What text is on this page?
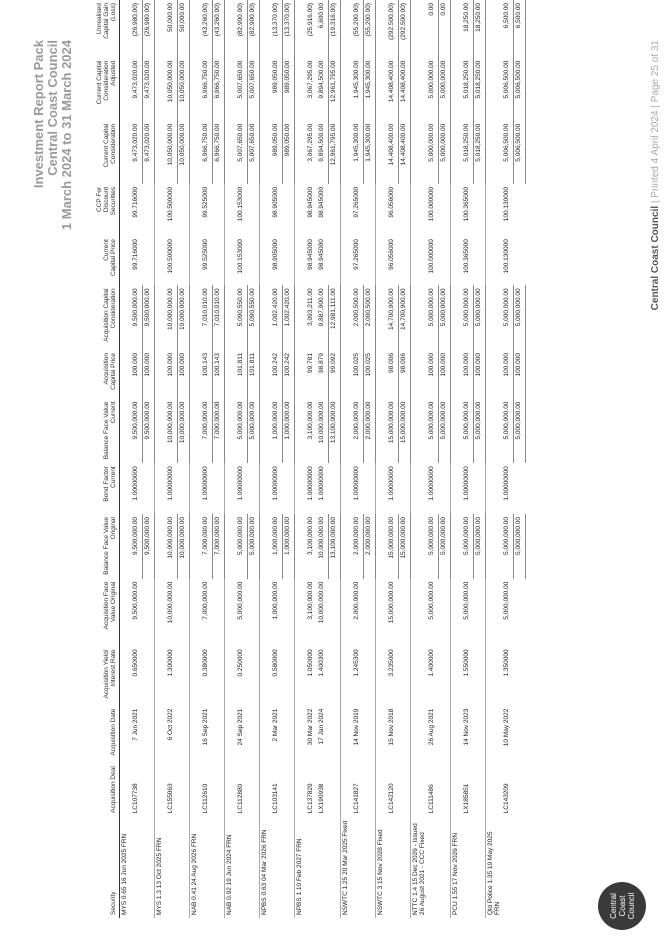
Investment Report Pack Central Coast Council 1 March 2024 to 31 March 2024
Central
Coast
Council
Security	Acquisition Deal	Acquisition Date	Acquisition Yield/ Interest Rate	Acquisition Face Value Original	Balance Face Value Original	Bond Factor Current	Balance Face Value Current	Acquisition Capital Price	Acquisition Capital Consideration	Current Capital Price	CCP For Discount Securities	Current Capital Consideration	Current Capital Consideration Adjusted	Unrealised Capital Gain (Loss)
MYS 0.65 16 Jun 2025 FRN														
	LC107738	7 Jun 2021	0.650000	9,500,000.00	9,500,000.00	1.00000000	9,500,000.00	100.000	9,500,000.00	99.716000	99.716000	9,473,020.00	9,473,020.00	(26,980.00)
					9,500,000.00		9,500,000.00	100.000	9,500,000.00			9,473,020.00	9,473,020.00	(26,980.00)
MYS 1.3 13 Oct 2025 FRN														
	LC155063	6 Oct 2022	1.300000	10,000,000.00	10,000,000.00	1.00000000	10,000,000.00	100.000	10,000,000.00	100.500000	100.500000	10,050,000.00	10,050,000.00	50,000.00
					10,000,000.00		10,000,000.00	100.000	10,000,000.00			10,050,000.00	10,050,000.00	50,000.00
NAB 0.41 24 Aug 2026 FRN														
	LC112610	16 Sep 2021	0.380000	7,000,000.00	7,000,000.00	1.00000000	7,000,000.00	100.143	7,010,010.00	99.525000	99.525000	6,966,750.00	6,966,750.00	(43,260.00)
					7,000,000.00		7,000,000.00	100.143	7,010,010.00			6,966,750.00	6,966,750.00	(43,260.00)
NAB 0.92 19 Jun 2024 FRN														
	LC112880	24 Sep 2021	0.250000	5,000,000.00	5,000,000.00	1.00000000	5,000,000.00	101.811	5,090,550.00	100.153000	100.153000	5,007,650.00	5,007,650.00	(82,900.00)
					5,000,000.00		5,000,000.00	101.811	5,090,550.00			5,007,650.00	5,007,650.00	(82,900.00)
NPBS 0.63 04 Mar 2026 FRN														
	LC103141	2 Mar 2021	0.580000	1,000,000.00	1,000,000.00	1.00000000	1,000,000.00	100.242	1,002,420.00	98.905000	98.905000	989,050.00	989,050.00	(13,370.00)
					1,000,000.00		1,000,000.00	100.242	1,002,420.00			989,050.00	989,050.00	(13,370.00)
NPBS 1.10 Feb 2027 FRN														
	LC137829	30 Mar 2022	1.050000	3,100,000.00	3,100,000.00	1.00000000	3,100,000.00	99.781	3,093,211.00	98.945000	98.945000	3,067,295.00	3,067,295.00	(25,916.00)
	LX190938	17 Jan 2024	1.400300	10,000,000.00	10,000,000.00	1.00000000	10,000,000.00	98.879	9,887,900.00	98.945000	98.945000	9,894,500.00	9,894,500.00	6,600.00
					13,100,000.00		13,100,000.00	99.092	12,981,111.00			12,961,795.00	12,961,795.00	(19,316.00)
NSWTC 1.25 20 Mar 2025 Fixed														
	LC141827	14 Nov 2019	1.245300	2,000,000.00	2,000,000.00	1.00000000	2,000,000.00	100.025	2,000,500.00	97.265000	97.265000	1,945,300.00	1,945,300.00	(55,200.00)
					2,000,000.00		2,000,000.00	100.025	2,000,500.00			1,945,300.00	1,945,300.00	(55,200.00)
NSWTC 3 15 Nov 2028 Fixed														
	LC142120	15 Nov 2018	3.235000	15,000,000.00	15,000,000.00	1.00000000	15,000,000.00	98.006	14,700,900.00	96.056000	96.056000	14,408,400.00	14,408,400.00	(292,500.00)
					15,000,000.00		15,000,000.00	98.006	14,700,900.00			14,408,400.00	14,408,400.00	(292,500.00)
NTTC 1.4 15 Dec 2026 - Issued 26 August 2021 - CCC Fixed														
	LC111486	26 Aug 2021	1.400000	5,000,000.00	5,000,000.00	1.00000000	5,000,000.00	100.000	5,000,000.00	100.000000	100.000000	5,000,000.00	5,000,000.00	0.00
					5,000,000.00		5,000,000.00	100.000	5,000,000.00			5,000,000.00	5,000,000.00	0.00
PCU 1.55 17 Nov 2026 FRN														
	LX185851	14 Nov 2023	1.550000	5,000,000.00	5,000,000.00	1.00000000	5,000,000.00	100.000	5,000,000.00	100.365000	100.365000	5,018,250.00	5,018,250.00	18,250.00
					5,000,000.00		5,000,000.00	100.000	5,000,000.00			5,018,250.00	5,018,250.00	18,250.00
Qld Police 1.35 19 May 2025 FRN														
	LC143209	10 May 2022	1.350000	5,000,000.00	5,000,000.00	1.00000000	5,000,000.00	100.000	5,000,000.00	100.130000	100.130000	5,006,500.00	5,006,500.00	6,500.00
					5,000,000.00		5,000,000.00	100.000	5,000,000.00			5,006,500.00	5,006,500.00	6,500.00
Central Coast Council | Printed 4 April 2024 | Page 25 of 31
